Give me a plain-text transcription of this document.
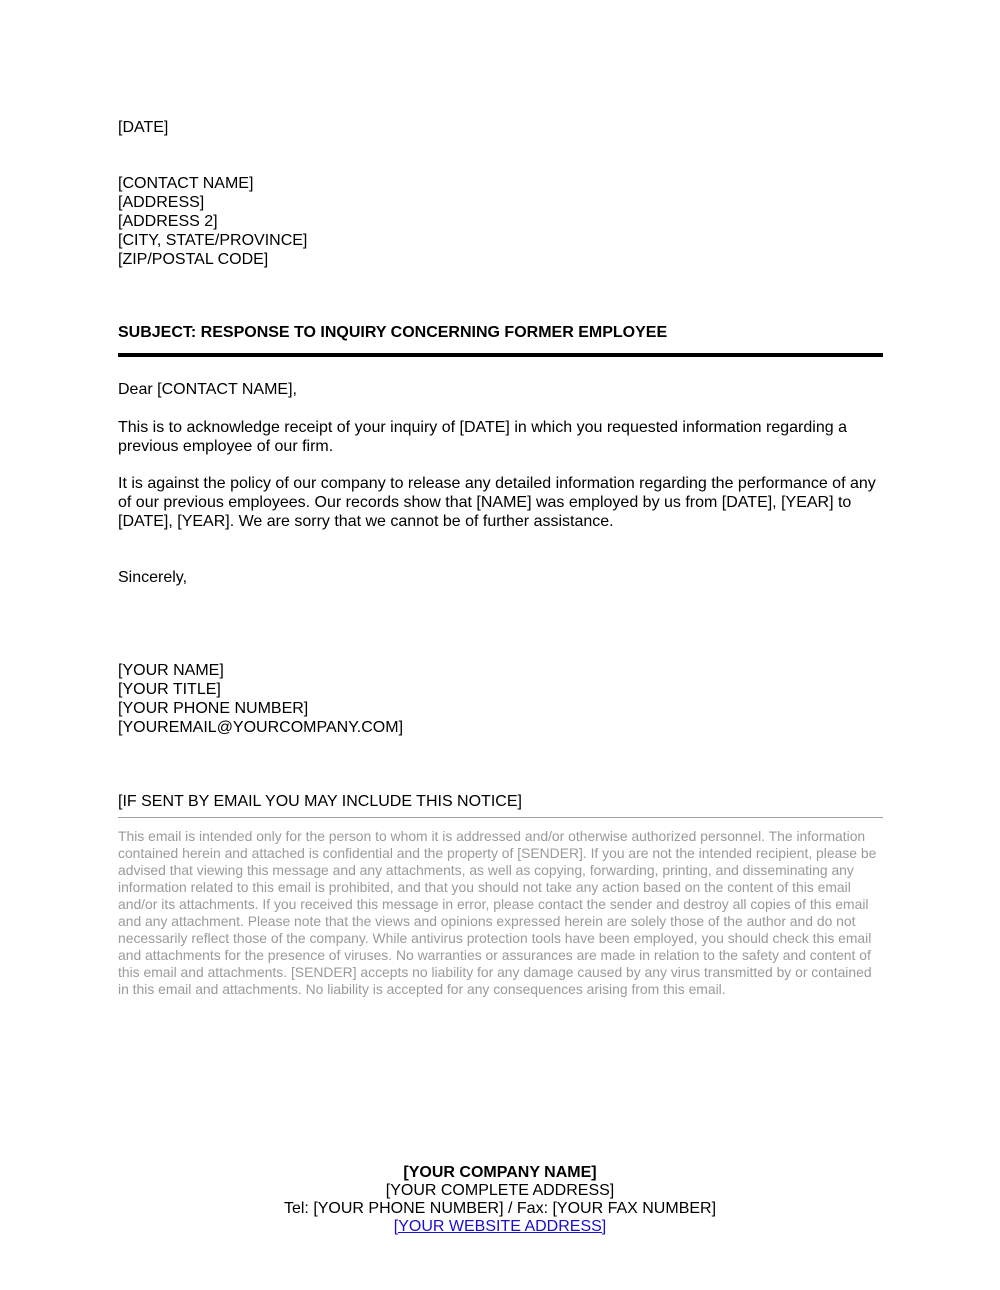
[DATE]
[CONTACT NAME]
[ADDRESS]
[ADDRESS 2]
[CITY, STATE/PROVINCE]
[ZIP/POSTAL CODE]
SUBJECT: RESPONSE TO INQUIRY CONCERNING FORMER EMPLOYEE
Dear [CONTACT NAME],
This is to acknowledge receipt of your inquiry of [DATE] in which you requested information regarding a previous employee of our firm.
It is against the policy of our company to release any detailed information regarding the performance of any of our previous employees. Our records show that [NAME] was employed by us from [DATE], [YEAR] to [DATE], [YEAR]. We are sorry that we cannot be of further assistance.
Sincerely,
[YOUR NAME]
[YOUR TITLE]
[YOUR PHONE NUMBER]
[YOUREMAIL@YOURCOMPANY.COM]
[IF SENT BY EMAIL YOU MAY INCLUDE THIS NOTICE]
This email is intended only for the person to whom it is addressed and/or otherwise authorized personnel. The information contained herein and attached is confidential and the property of [SENDER]. If you are not the intended recipient, please be advised that viewing this message and any attachments, as well as copying, forwarding, printing, and disseminating any information related to this email is prohibited, and that you should not take any action based on the content of this email and/or its attachments. If you received this message in error, please contact the sender and destroy all copies of this email and any attachment. Please note that the views and opinions expressed herein are solely those of the author and do not necessarily reflect those of the company. While antivirus protection tools have been employed, you should check this email and attachments for the presence of viruses. No warranties or assurances are made in relation to the safety and content of this email and attachments. [SENDER] accepts no liability for any damage caused by any virus transmitted by or contained in this email and attachments. No liability is accepted for any consequences arising from this email.
[YOUR COMPANY NAME]
[YOUR COMPLETE ADDRESS]
Tel: [YOUR PHONE NUMBER] / Fax: [YOUR FAX NUMBER]
[YOUR WEBSITE ADDRESS]
